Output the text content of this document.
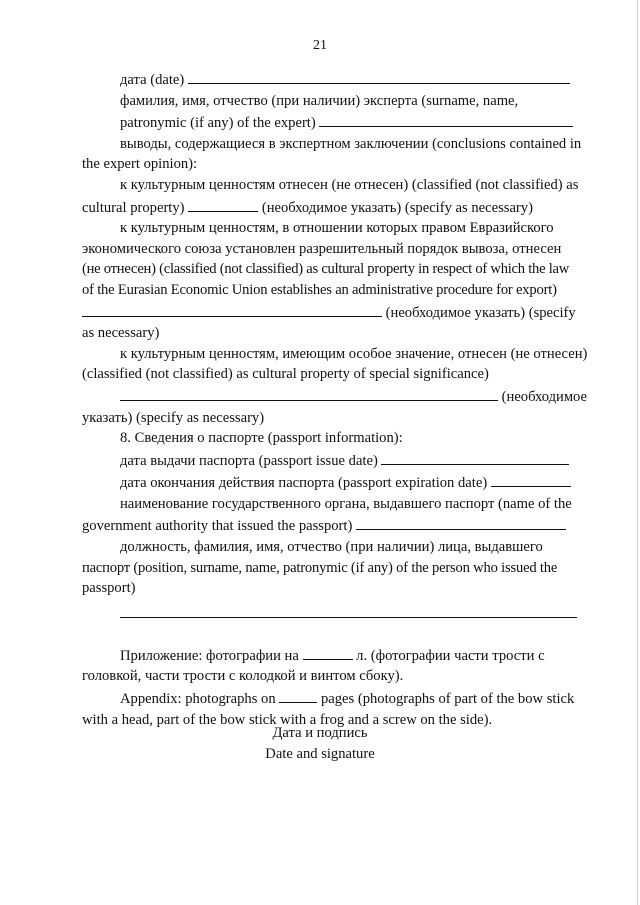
21

дата (date)

фамилия, имя, отчество (при наличии) эксперта (surname, name,

patronymic (if any) of the expert)

выводы, содержащиеся в экспертном заключении (conclusions contained in

the expert opinion):

к культурным ценностям отнесен (не отнесен) (classified (not classified) as

cultural property)	(необходимое указать) (specify as necessary)

к культурным ценностям, в отношении которых правом Евразийского

экономического союза установлен разрешительный порядок вывоза, отнесен

(не отнесен) (classified (not classified) as cultural property in respect of which the law

of the Eurasian Economic Union establishes an administrative procedure for export)

(необходимое указать) (specify

as necessary)

к культурным ценностям, имеющим особое значение, отнесен (не отнесен)

(classified (not classified) as cultural property of special significance)

(необходимое

указать) (specify as necessary)

8. Сведения о паспорте (passport information):

дата выдачи паспорта (passport issue date)

дата окончания действия паспорта (passport expiration date)

наименование государственного органа, выдавшего паспорт (name of the

government authority that issued the passport)

должность, фамилия, имя, отчество (при наличии) лица, выдавшего

паспорт (position, surname, name, patronymic (if any) of the person who issued the

passport)

Приложение: фотографии на	л. (фотографии части трости с

головкой, части трости с колодкой и винтом сбоку).

Appendix: photographs on	pages (photographs of part of the bow stick

with a head, part of the bow stick with a frog and a screw on the side).

Дата и подпись
Date and signature
